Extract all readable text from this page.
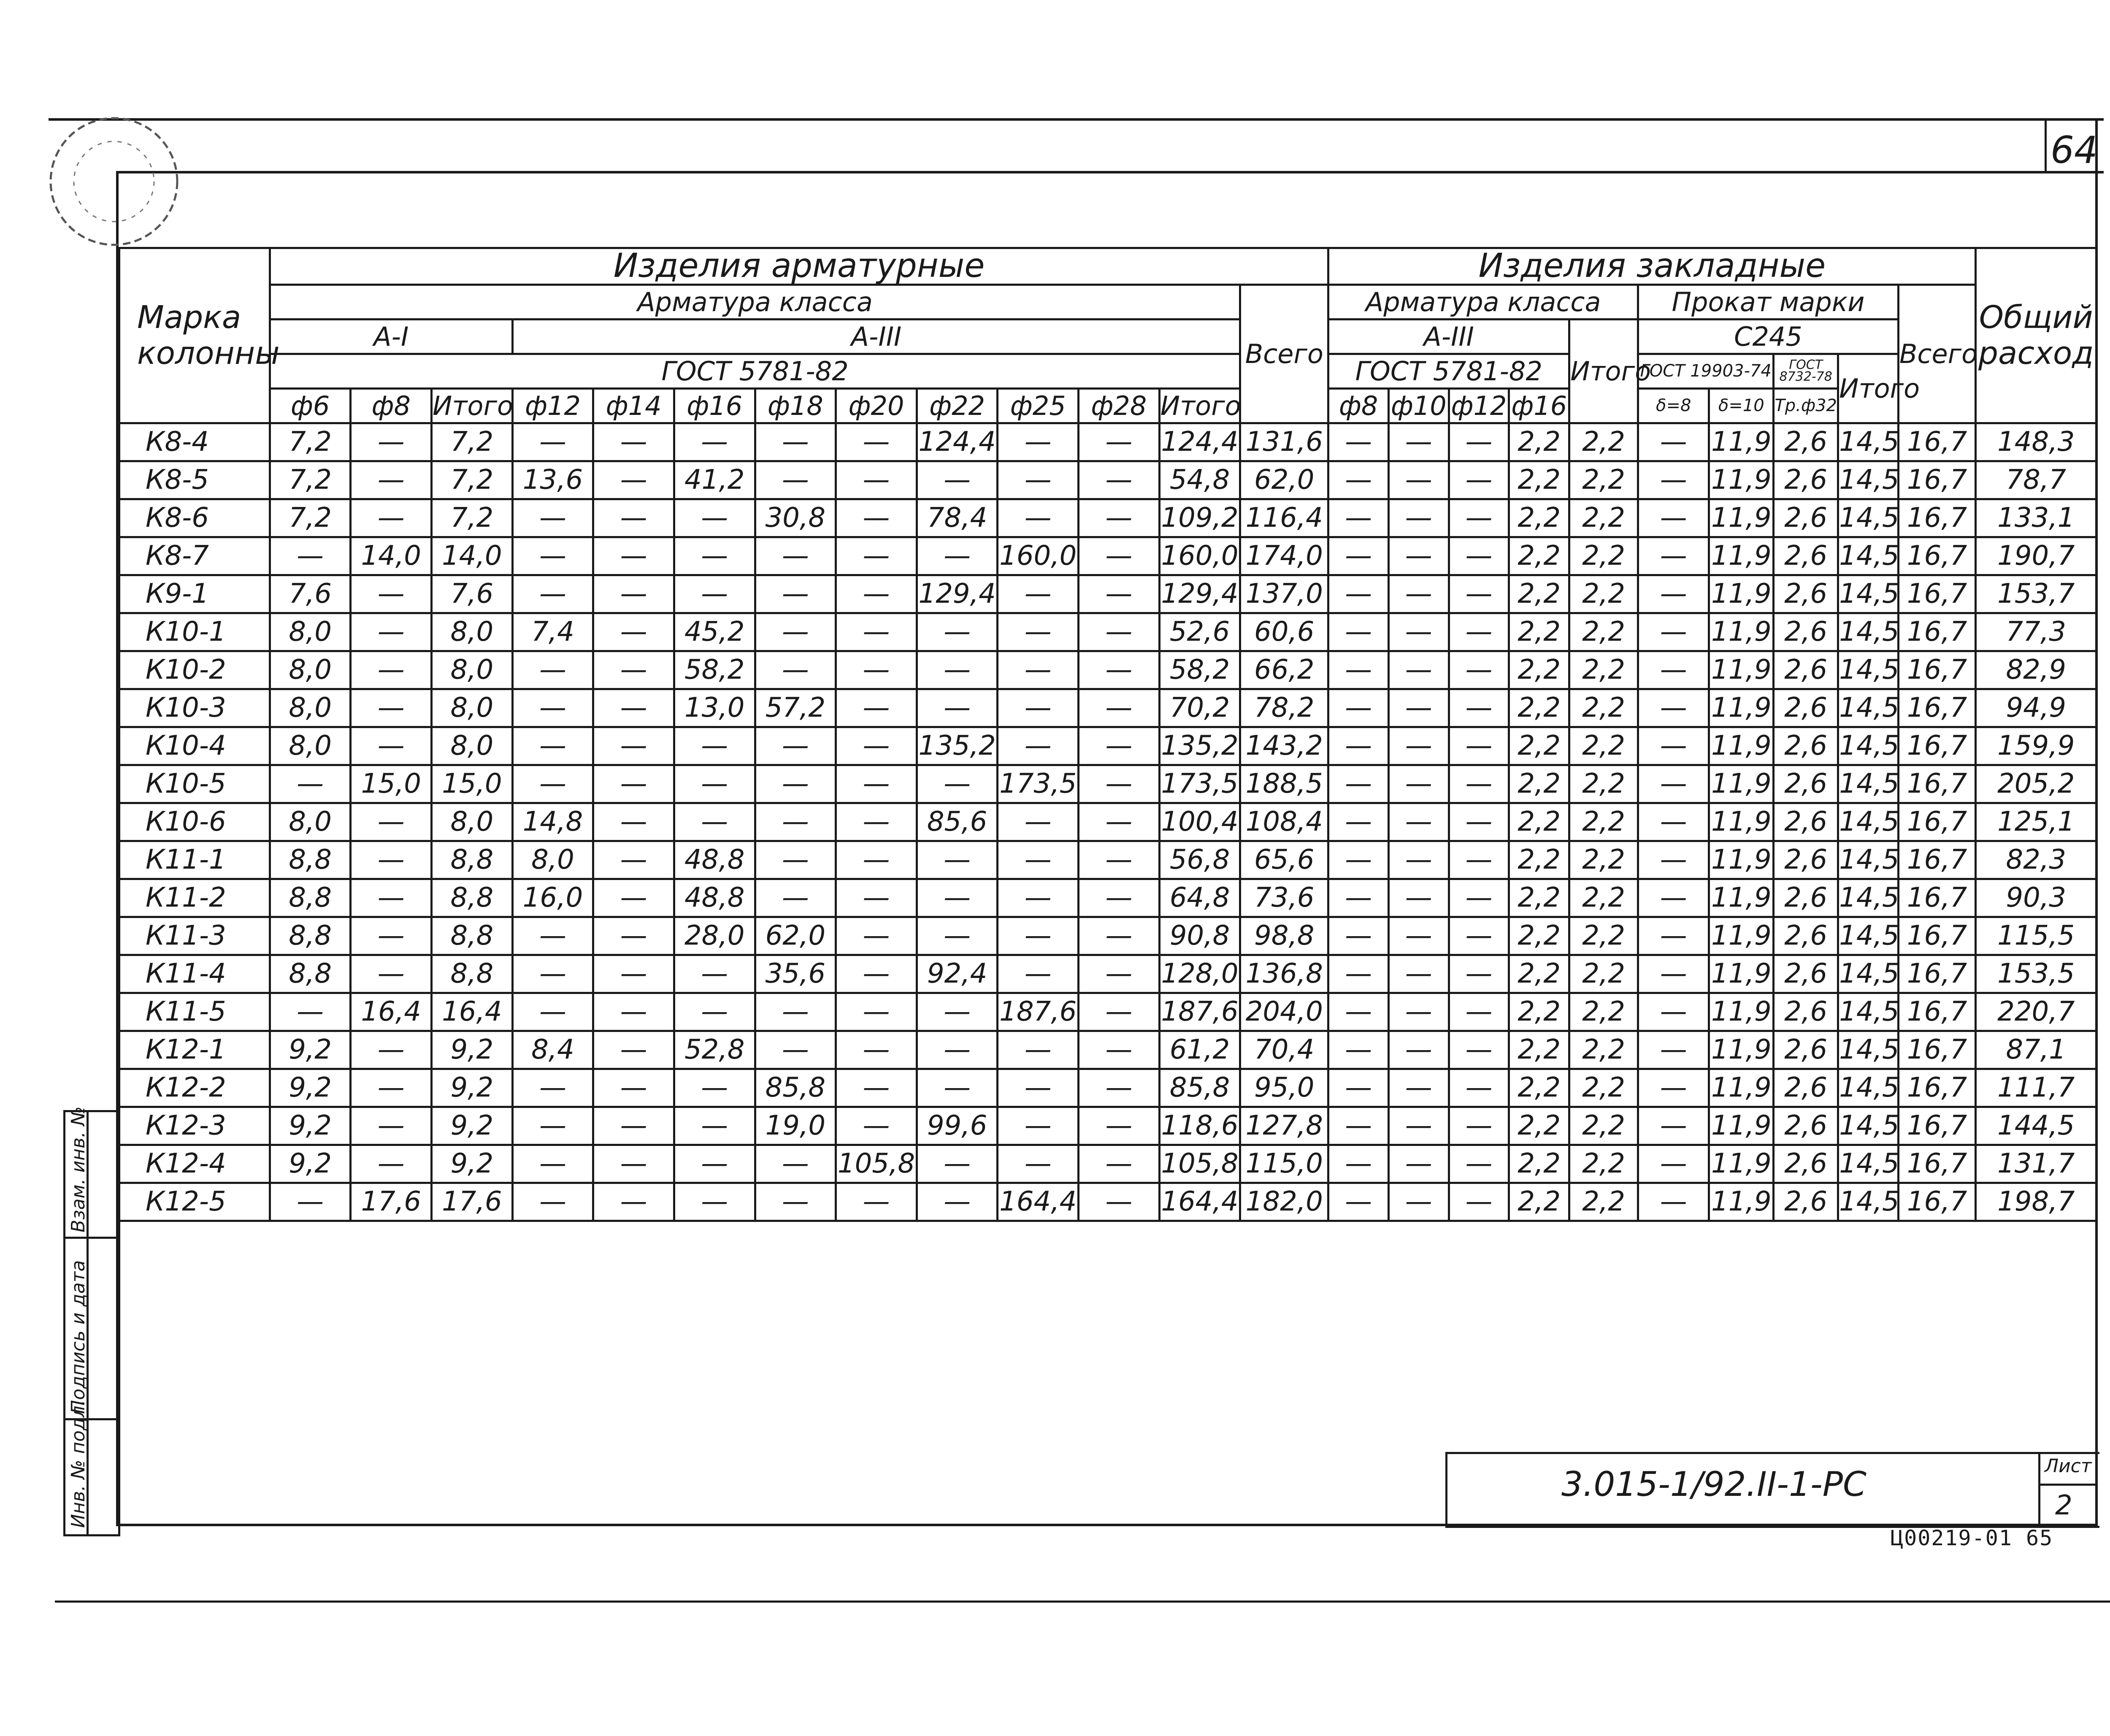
64
Марка колонны	Изделия арматурные													Изделия закладные										Общий расход
	Арматура класса												Всего	Арматура класса					Прокат марки				Всего	
	А-I			А-III										А-III				Итого	С245					
	ГОСТ 5781-82													ГОСТ 5781-82					ГОСТ 19903-74		ГОСТ 8732-78	Итого		
	ф6	ф8	Итого	ф12	ф14	ф16	ф18	ф20	ф22	ф25	ф28	Итого		ф8	ф10	ф12	ф16		δ=8	δ=10	Тр.ф32			
К8-4	7,2	—	7,2	—	—	—	—	—	124,4	—	—	124,4	131,6	—	—	—	2,2	2,2	—	11,9	2,6	14,5	16,7	148,3
К8-5	7,2	—	7,2	13,6	—	41,2	—	—	—	—	—	54,8	62,0	—	—	—	2,2	2,2	—	11,9	2,6	14,5	16,7	78,7
К8-6	7,2	—	7,2	—	—	—	30,8	—	78,4	—	—	109,2	116,4	—	—	—	2,2	2,2	—	11,9	2,6	14,5	16,7	133,1
К8-7	—	14,0	14,0	—	—	—	—	—	—	160,0	—	160,0	174,0	—	—	—	2,2	2,2	—	11,9	2,6	14,5	16,7	190,7
К9-1	7,6	—	7,6	—	—	—	—	—	129,4	—	—	129,4	137,0	—	—	—	2,2	2,2	—	11,9	2,6	14,5	16,7	153,7
К10-1	8,0	—	8,0	7,4	—	45,2	—	—	—	—	—	52,6	60,6	—	—	—	2,2	2,2	—	11,9	2,6	14,5	16,7	77,3
К10-2	8,0	—	8,0	—	—	58,2	—	—	—	—	—	58,2	66,2	—	—	—	2,2	2,2	—	11,9	2,6	14,5	16,7	82,9
К10-3	8,0	—	8,0	—	—	13,0	57,2	—	—	—	—	70,2	78,2	—	—	—	2,2	2,2	—	11,9	2,6	14,5	16,7	94,9
К10-4	8,0	—	8,0	—	—	—	—	—	135,2	—	—	135,2	143,2	—	—	—	2,2	2,2	—	11,9	2,6	14,5	16,7	159,9
К10-5	—	15,0	15,0	—	—	—	—	—	—	173,5	—	173,5	188,5	—	—	—	2,2	2,2	—	11,9	2,6	14,5	16,7	205,2
К10-6	8,0	—	8,0	14,8	—	—	—	—	85,6	—	—	100,4	108,4	—	—	—	2,2	2,2	—	11,9	2,6	14,5	16,7	125,1
К11-1	8,8	—	8,8	8,0	—	48,8	—	—	—	—	—	56,8	65,6	—	—	—	2,2	2,2	—	11,9	2,6	14,5	16,7	82,3
К11-2	8,8	—	8,8	16,0	—	48,8	—	—	—	—	—	64,8	73,6	—	—	—	2,2	2,2	—	11,9	2,6	14,5	16,7	90,3
К11-3	8,8	—	8,8	—	—	28,0	62,0	—	—	—	—	90,8	98,8	—	—	—	2,2	2,2	—	11,9	2,6	14,5	16,7	115,5
К11-4	8,8	—	8,8	—	—	—	35,6	—	92,4	—	—	128,0	136,8	—	—	—	2,2	2,2	—	11,9	2,6	14,5	16,7	153,5
К11-5	—	16,4	16,4	—	—	—	—	—	—	187,6	—	187,6	204,0	—	—	—	2,2	2,2	—	11,9	2,6	14,5	16,7	220,7
К12-1	9,2	—	9,2	8,4	—	52,8	—	—	—	—	—	61,2	70,4	—	—	—	2,2	2,2	—	11,9	2,6	14,5	16,7	87,1
К12-2	9,2	—	9,2	—	—	—	85,8	—	—	—	—	85,8	95,0	—	—	—	2,2	2,2	—	11,9	2,6	14,5	16,7	111,7
К12-3	9,2	—	9,2	—	—	—	19,0	—	99,6	—	—	118,6	127,8	—	—	—	2,2	2,2	—	11,9	2,6	14,5	16,7	144,5
К12-4	9,2	—	9,2	—	—	—	—	105,8	—	—	—	105,8	115,0	—	—	—	2,2	2,2	—	11,9	2,6	14,5	16,7	131,7
К12-5	—	17,6	17,6	—	—	—	—	—	—	164,4	—	164,4	182,0	—	—	—	2,2	2,2	—	11,9	2,6	14,5	16,7	198,7
Инв. № подл.
Подпись и дата
Взам. инв. №
3.015-1/92.II-1-РС	Лист
2
Ц00219-01 65
